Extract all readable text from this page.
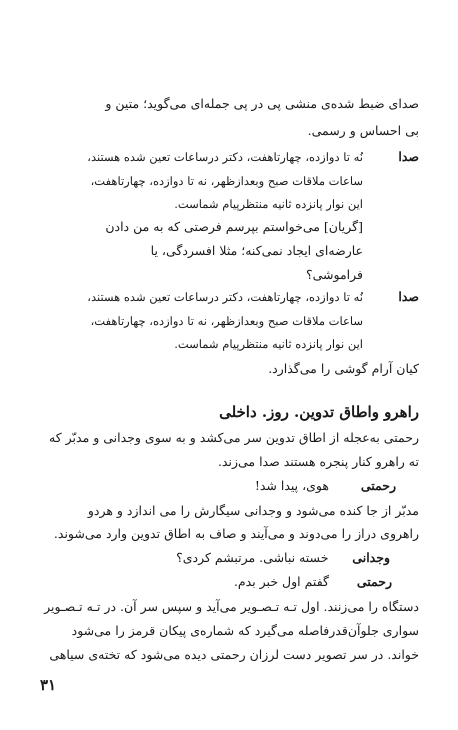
صدای ضبط شده‌ی منشی پی در پی جمله‌ای می‌گوید؛ متین و
بی احساس و رسمی.
صدا
نُه تا دوازده، چهارتاهفت، دکتر درساعات تعین شده هستند،
ساعات ملاقات صبح وبعدازظهر، نه تا دوازده، چهارتاهفت،
این نوار پانزده ثانیه منتظرپیام شماست.
[گریان] می‌خواستم بپرسم فرصتی که به من دادن
عارضه‌ای ایجاد نمی‌کنه؛ مثلا افسردگی، یا
فراموشی؟
صدا
نُه تا دوازده، چهارتاهفت، دکتر درساعات تعین شده هستند،
ساعات ملاقات صبح وبعدازظهر، نه تا دوازده، چهارتاهفت،
این نوار پانزده ثانیه منتظرپیام شماست.
کیان آرام گوشی را می‌گذارد.
راهرو واطاق تدوین. روز. داخلی
رحمتی به‌عجله از اطاق تدوین سر می‌کشد و به سوی وجدانی و مدبّر که
ته راهرو کنار پنجره هستند صدا می‌زند.
رحمتی        هوی، پیدا شد!
مدبّر از جا کنده می‌شود و وجدانی سیگارش را می اندازد و هردو
راهروی دراز را می‌دوند و می‌آیند و صاف به اطاق تدوین وارد می‌شوند.
وجدانی      خسته نباشی. مرتبشم کردی؟
رحمتی       گفتم اول خبر بدم.
دستگاه را می‌زنند. اول تـه تـصـویر می‌آید و سپس سر آن. در تـه تـصـویر
سواری جلوآن‌قدرفاصله می‌گیرد که شماره‌ی پیکان قرمز را می‌شود
خواند. در سر تصویر دست لرزان رحمتی دیده می‌شود که تخته‌ی سیاهی
۳۱
